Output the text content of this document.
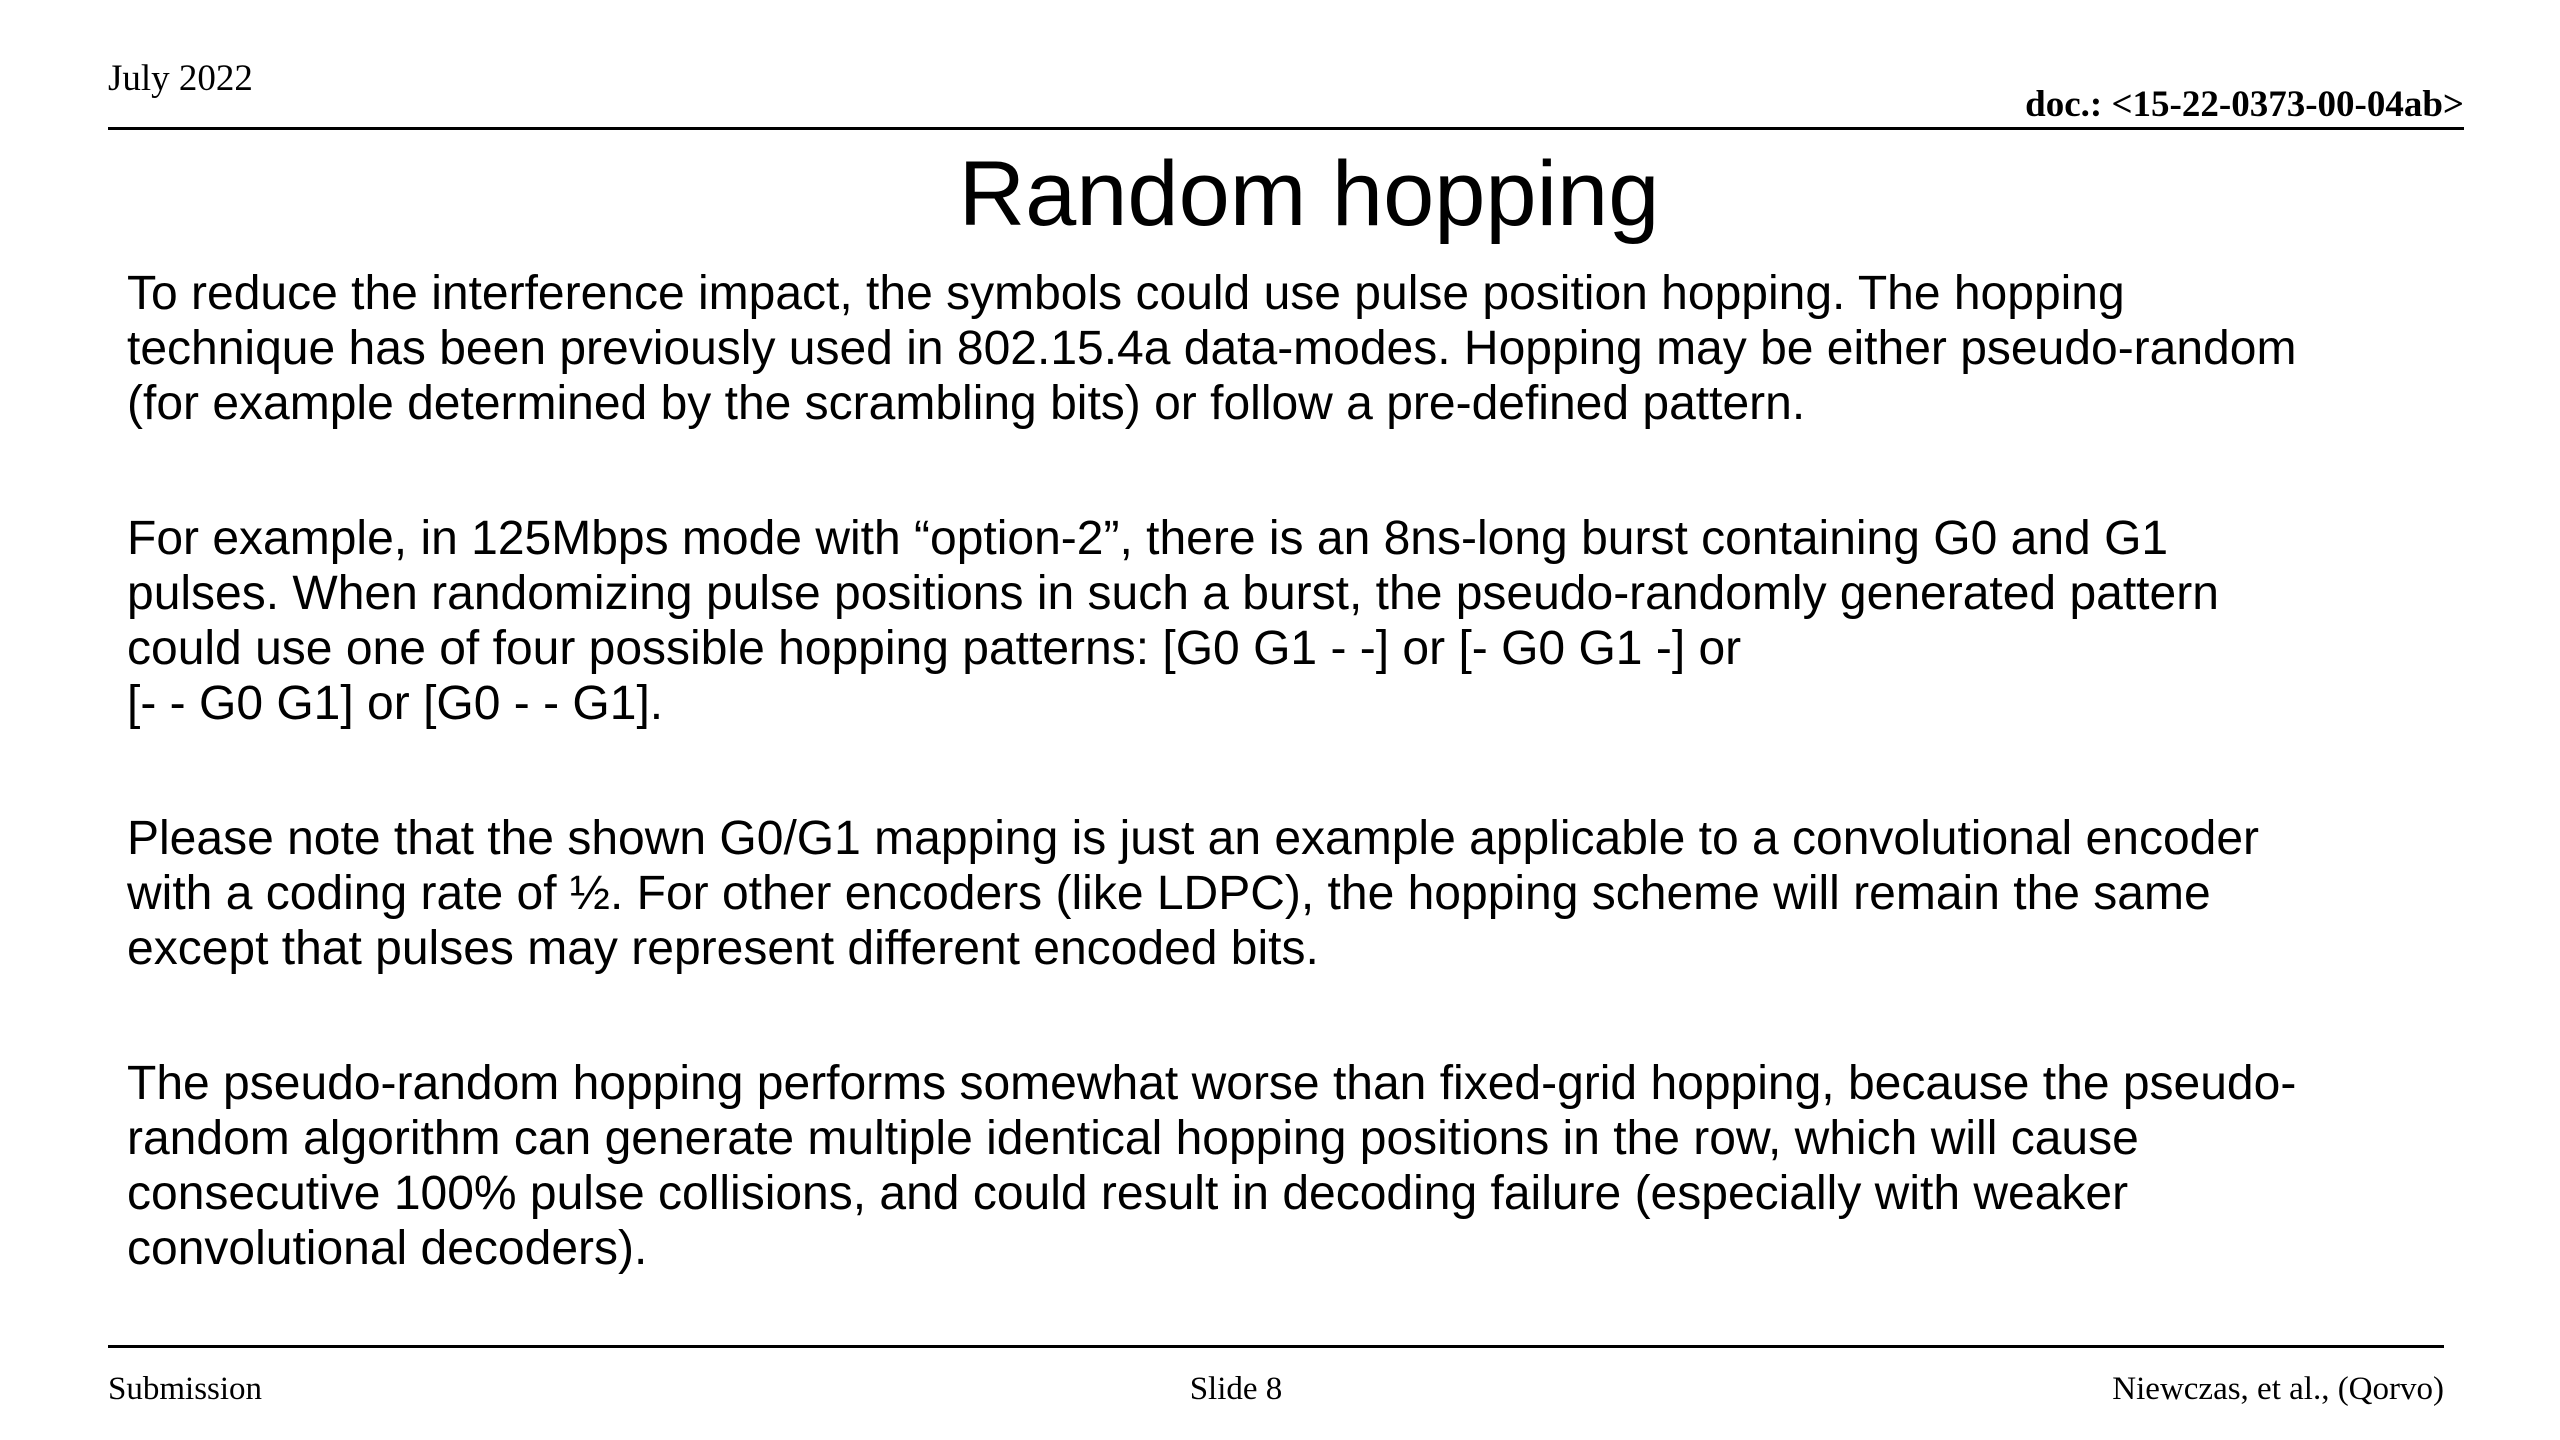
July 2022
doc.: <15-22-0373-00-04ab>
Random hopping

To reduce the interference impact, the symbols could use pulse position hopping. The hopping
technique has been previously used in 802.15.4a data-modes. Hopping may be either pseudo-random
(for example determined by the scrambling bits) or follow a pre-defined pattern.

For example, in 125Mbps mode with “option-2”, there is an 8ns-long burst containing G0 and G1
pulses. When randomizing pulse positions in such a burst, the pseudo-randomly generated pattern
could use one of four possible hopping patterns: [G0 G1 - -] or [- G0 G1 -] or
[- - G0 G1] or [G0 - - G1].

Please note that the shown G0/G1 mapping is just an example applicable to a convolutional encoder
with a coding rate of ½. For other encoders (like LDPC), the hopping scheme will remain the same
except that pulses may represent different encoded bits.

The pseudo-random hopping performs somewhat worse than fixed-grid hopping, because the pseudo-
random algorithm can generate multiple identical hopping positions in the row, which will cause
consecutive 100% pulse collisions, and could result in decoding failure (especially with weaker
convolutional decoders).

Submission	Slide 8	Niewczas, et al., (Qorvo)
